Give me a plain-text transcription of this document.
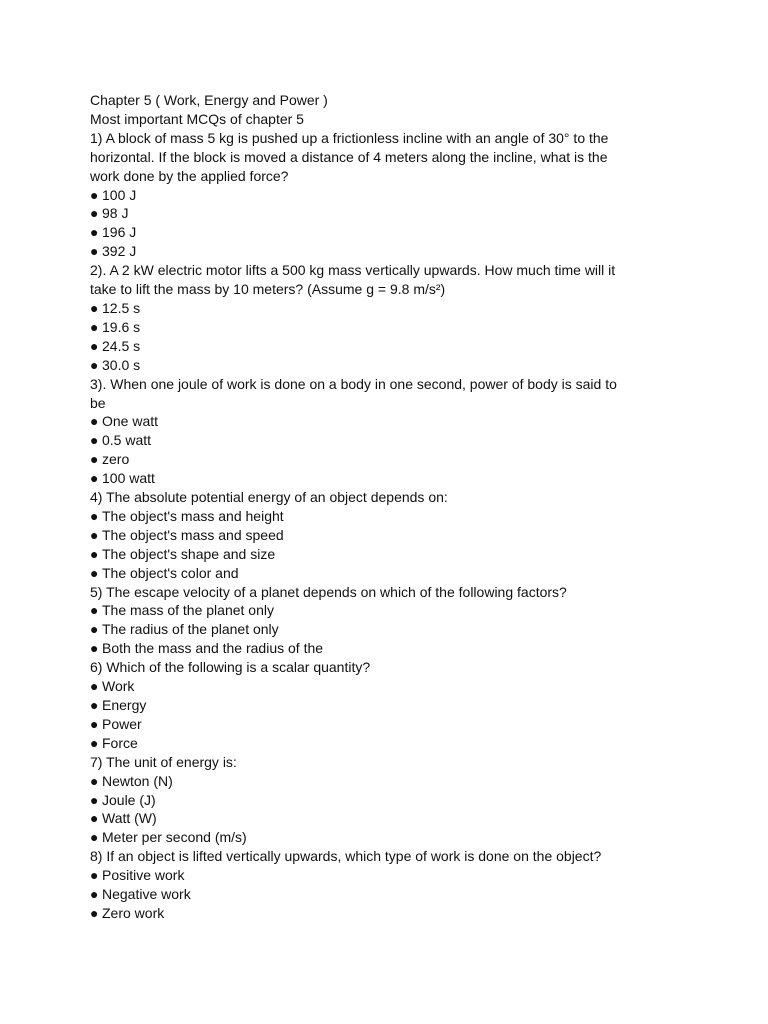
Chapter 5 ( Work, Energy and Power )
Most important MCQs of chapter 5
1) A block of mass 5 kg is pushed up a frictionless incline with an angle of 30° to the horizontal. If the block is moved a distance of 4 meters along the incline, what is the work done by the applied force?
● 100 J
● 98 J
● 196 J
● 392 J
2). A 2 kW electric motor lifts a 500 kg mass vertically upwards. How much time will it take to lift the mass by 10 meters? (Assume g = 9.8 m/s²)
● 12.5 s
● 19.6 s
● 24.5 s
● 30.0 s
3). When one joule of work is done on a body in one second, power of body is said to be
● One watt
● 0.5 watt
● zero
● 100 watt
4) The absolute potential energy of an object depends on:
● The object's mass and height
● The object's mass and speed
● The object's shape and size
● The object's color and
5) The escape velocity of a planet depends on which of the following factors?
● The mass of the planet only
● The radius of the planet only
● Both the mass and the radius of the
6) Which of the following is a scalar quantity?
● Work
● Energy
● Power
● Force
7) The unit of energy is:
● Newton (N)
● Joule (J)
● Watt (W)
● Meter per second (m/s)
8) If an object is lifted vertically upwards, which type of work is done on the object?
● Positive work
● Negative work
● Zero work
